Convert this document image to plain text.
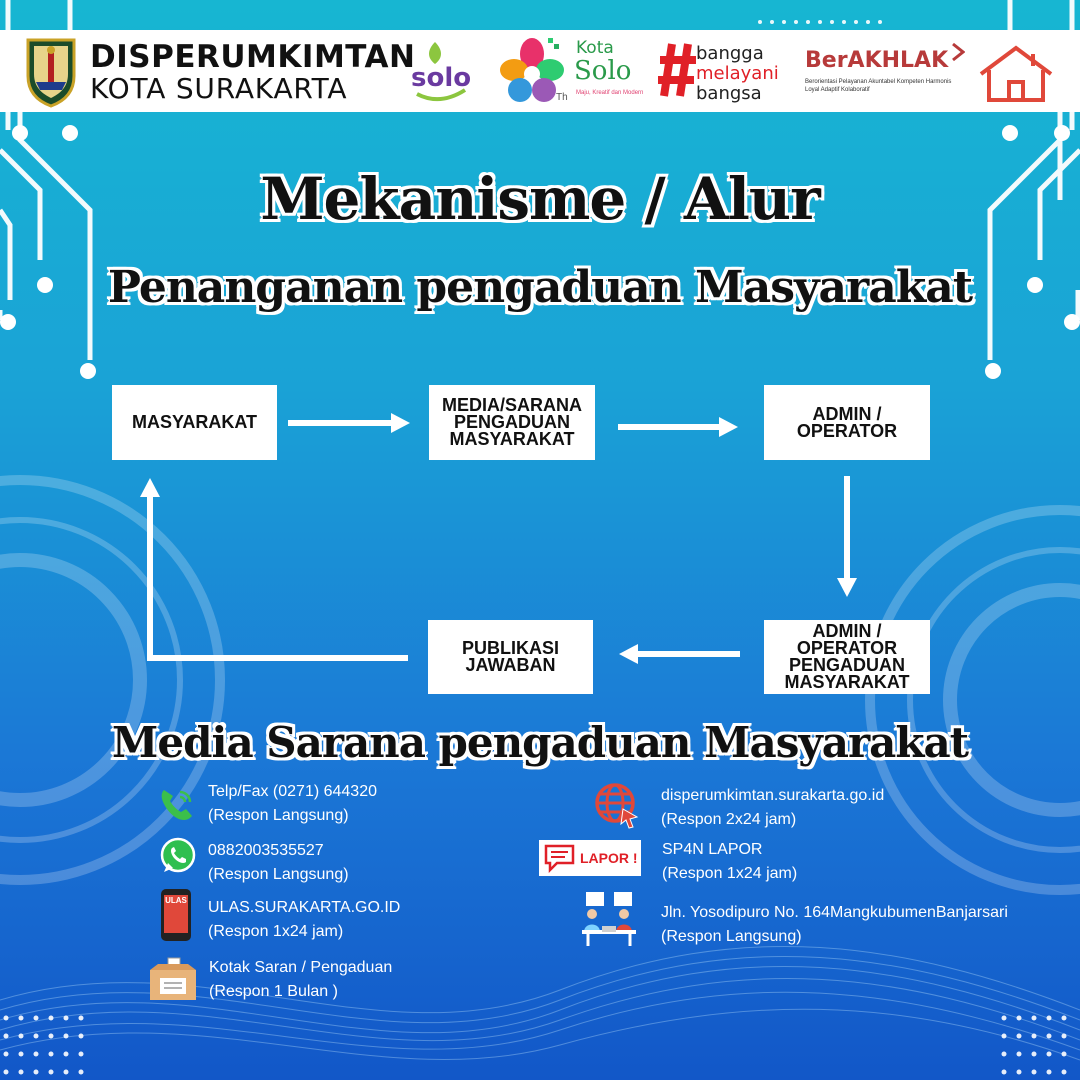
DISPERUMKIMTAN
KOTA SURAKARTA	solo
Th
Kota
Solo
Maju, Kreatif dan Modern
bangga
melayani
bangsa
BerAKHLAK
Berorientasi Pelayanan Akuntabel Kompeten Harmonis Loyal Adaptif Kolaboratif
Mekanisme / Alur
Penanganan pengaduan Masyarakat
MASYARAKAT
MEDIA/SARANA
PENGADUAN
MASYARAKAT
ADMIN /
OPERATOR
ADMIN /
OPERATOR
PENGADUAN
MASYARAKAT
PUBLIKASI
JAWABAN
Media Sarana pengaduan Masyarakat
Telp/Fax (0271) 644320
(Respon Langsung)
0882003535527
(Respon Langsung)
ULAS ULAS.SURAKARTA.GO.ID
(Respon 1x24 jam)
Kotak Saran / Pengaduan
(Respon 1 Bulan )
disperumkimtan.surakarta.go.id
(Respon 2x24 jam)
LAPOR ! SP4N LAPOR
(Respon 1x24 jam)
Jln. Yosodipuro No. 164MangkubumenBanjarsari
(Respon Langsung)
